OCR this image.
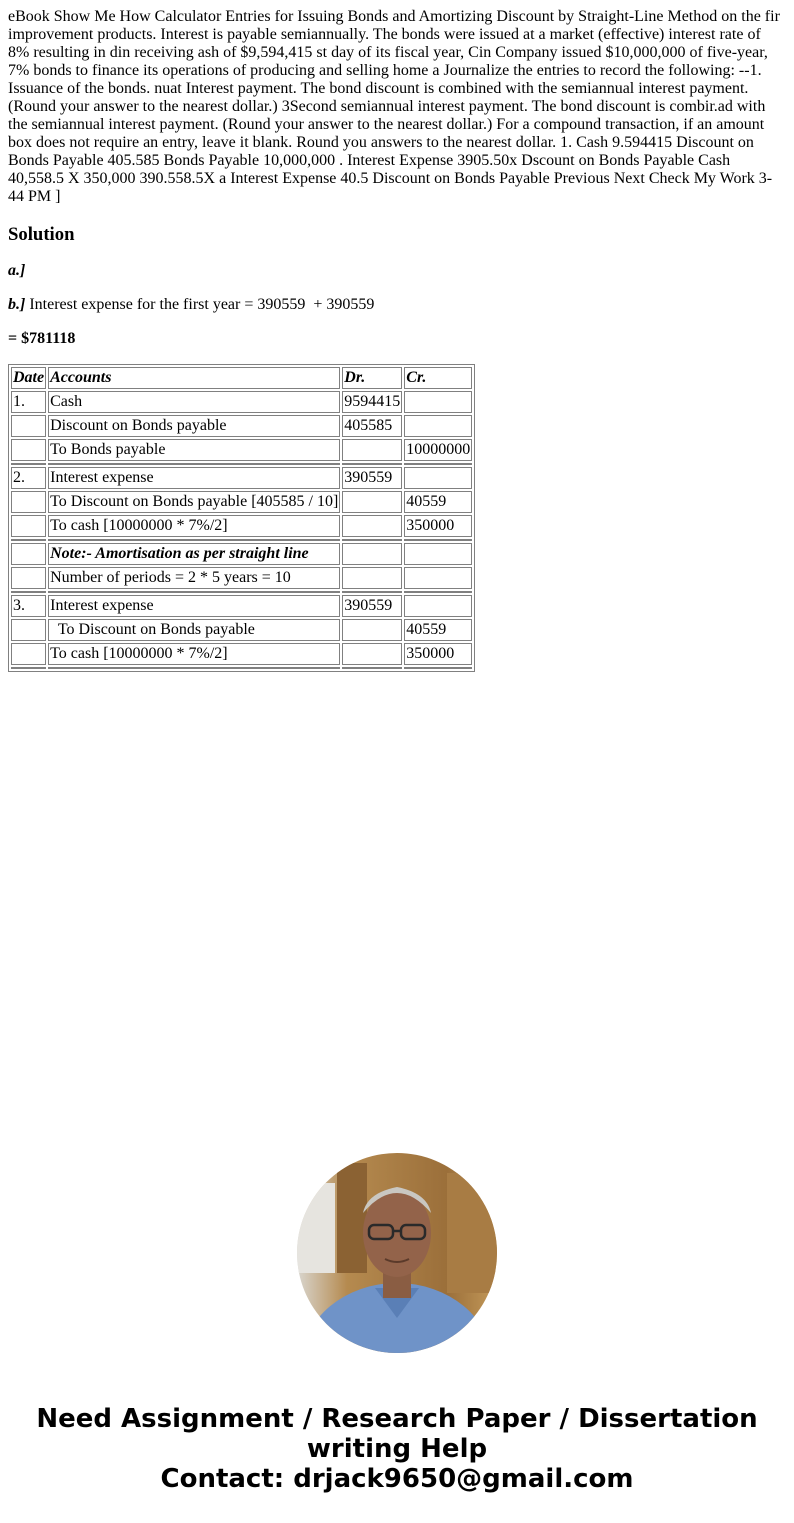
eBook Show Me How Calculator Entries for Issuing Bonds and Amortizing Discount by Straight-Line Method on the fir improvement products. Interest is payable semiannually. The bonds were issued at a market (effective) interest rate of 8% resulting in din receiving ash of $9,594,415 st day of its fiscal year, Cin Company issued $10,000,000 of five-year, 7% bonds to finance its operations of producing and selling home a Journalize the entries to record the following: --1. Issuance of the bonds. nuat Interest payment. The bond discount is combined with the semiannual interest payment. (Round your answer to the nearest dollar.) 3Second semiannual interest payment. The bond discount is combir.ad with the semiannual interest payment. (Round your answer to the nearest dollar.) For a compound transaction, if an amount box does not require an entry, leave it blank. Round you answers to the nearest dollar. 1. Cash 9.594415 Discount on Bonds Payable 405.585 Bonds Payable 10,000,000 . Interest Expense 3905.50x Dscount on Bonds Payable Cash 40,558.5 X 350,000 390.558.5X a Interest Expense 40.5 Discount on Bonds Payable Previous Next Check My Work 3-44 PM ]
Solution

a.]

b.] Interest expense for the first year = 390559  + 390559

= $781118

Date	Accounts	Dr.	Cr.
1.	Cash	9594415	
	Discount on Bonds payable	405585	
	To Bonds payable		10000000

2.	Interest expense	390559	
	To Discount on Bonds payable [405585 / 10]		40559
	To cash [10000000 * 7%/2]		350000

	Note:- Amortisation as per straight line		
	Number of periods = 2 * 5 years = 10		

3.	Interest expense	390559	
	To Discount on Bonds payable		40559
	To cash [10000000 * 7%/2]		350000

Need Assignment / Research Paper / Dissertation
writing Help
Contact: drjack9650@gmail.com
